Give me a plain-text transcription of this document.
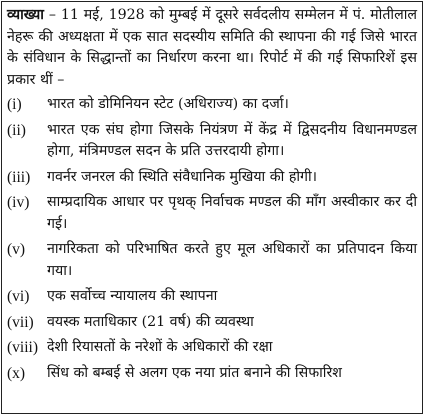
व्याख्या – 11 मई, 1928 को मुम्बई में दूसरे सर्वदलीय सम्मेलन में पं. मोतीलाल नेहरू की अध्यक्षता में एक सात सदस्यीय समिति की स्थापना की गई जिसे भारत के संविधान के सिद्धान्तों का निर्धारण करना था। रिपोर्ट में की गई सिफारिशें इस प्रकार थीं –

(i)	भारत को डोमिनियन स्टेट (अधिराज्य) का दर्जा।
(ii)	भारत एक संघ होगा जिसके नियंत्रण में केंद्र में द्विसदनीय विधानमण्डल होगा, मंत्रिमण्डल सदन के प्रति उत्तरदायी होगा।
(iii)	गवर्नर जनरल की स्थिति संवैधानिक मुखिया की होगी।
(iv)	साम्प्रदायिक आधार पर पृथक् निर्वाचक मण्डल की माँग अस्वीकार कर दी गई।
(v)	नागरिकता को परिभाषित करते हुए मूल अधिकारों का प्रतिपादन किया गया।
(vi)	एक सर्वोच्च न्यायालय की स्थापना
(vii) वयस्क मताधिकार (21 वर्ष) की व्यवस्था
(viii) देशी रियासतों के नरेशों के अधिकारों की रक्षा
(x)	सिंध को बम्बई से अलग एक नया प्रांत बनाने की सिफारिश
